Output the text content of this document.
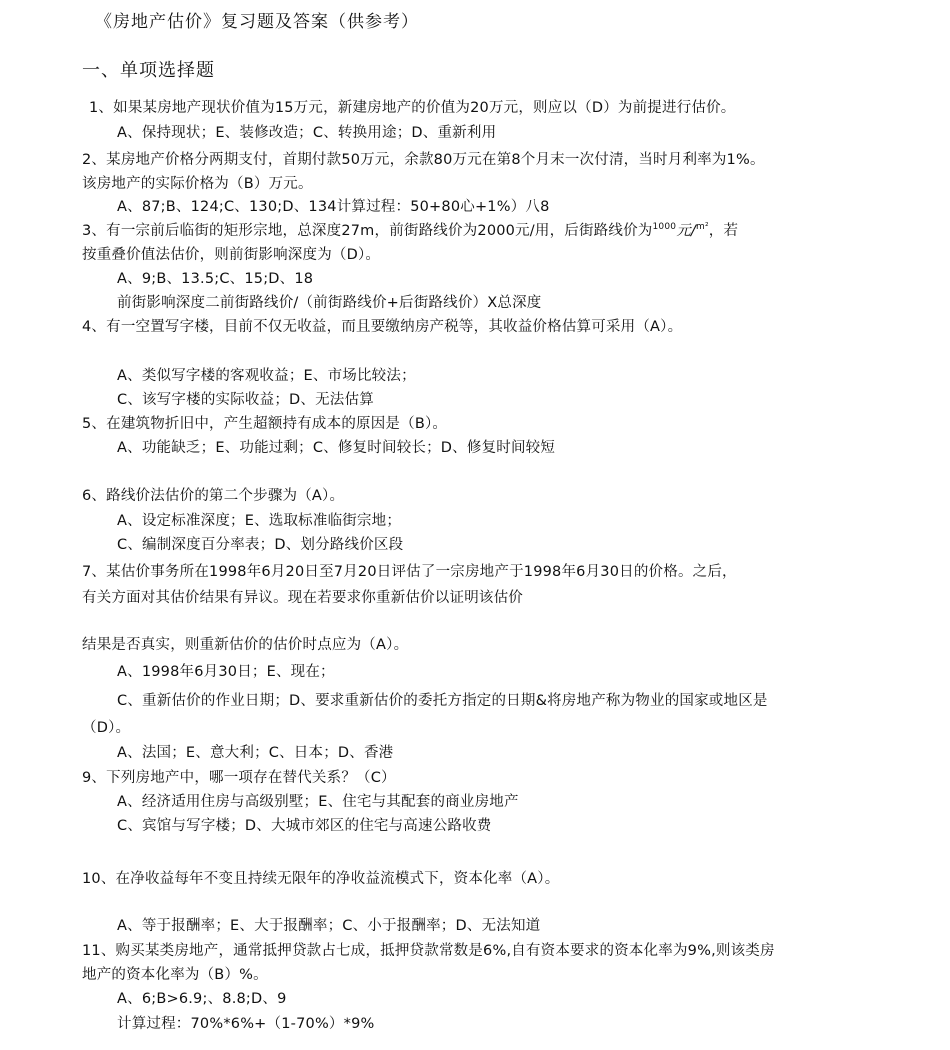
《房地产估价》复习题及答案（供参考）
一、单项选择题
1、如果某房地产现状价值为15万元，新建房地产的价值为20万元，则应以（D）为前提进行估价。
A、保持现状；E、装修改造；C、转换用途；D、重新利用
2、某房地产价格分两期支付，首期付款50万元，余款80万元在第8个月末一次付清，当时月利率为1%。
该房地产的实际价格为（B）万元。
A、87;B、124;C、130;D、134计算过程：50+80心+1%）八8
3、有一宗前后临街的矩形宗地，总深度27m，前街路线价为2000元/用，后街路线价为$^{1000}$元/$^{m^2}$，若
按重叠价值法估价，则前街影响深度为（D）。
A、9;B、13.5;C、15;D、18
前街影响深度二前街路线价/（前街路线价+后街路线价）X总深度
4、有一空置写字楼，目前不仅无收益，而且要缴纳房产税等，其收益价格估算可采用（A）。
A、类似写字楼的客观收益；E、市场比较法；
C、该写字楼的实际收益；D、无法估算
5、在建筑物折旧中，产生超额持有成本的原因是（B）。
A、功能缺乏；E、功能过剩；C、修复时间较长；D、修复时间较短
6、路线价法估价的第二个步骤为（A）。
A、设定标准深度；E、选取标准临街宗地；
C、编制深度百分率表；D、划分路线价区段
7、某估价事务所在1998年6月20日至7月20日评估了一宗房地产于1998年6月30日的价格。之后，
有关方面对其估价结果有异议。现在若要求你重新估价以证明该估价
结果是否真实，则重新估价的估价时点应为（A）。
A、1998年6月30日；E、现在；
C、重新估价的作业日期；D、要求重新估价的委托方指定的日期&将房地产称为物业的国家或地区是
（D）。
A、法国；E、意大利；C、日本；D、香港
9、下列房地产中，哪一项存在替代关系？（C）
A、经济适用住房与高级别墅；E、住宅与其配套的商业房地产
C、宾馆与写字楼；D、大城市郊区的住宅与高速公路收费
10、在净收益每年不变且持续无限年的净收益流模式下，资本化率（A）。
A、等于报酬率；E、大于报酬率；C、小于报酬率；D、无法知道
11、购买某类房地产，通常抵押贷款占七成，抵押贷款常数是6%,自有资本要求的资本化率为9%,则该类房
地产的资本化率为（B）%。
A、6;B>6.9;、8.8;D、9
计算过程：70%*6%+（1-70%）*9%
